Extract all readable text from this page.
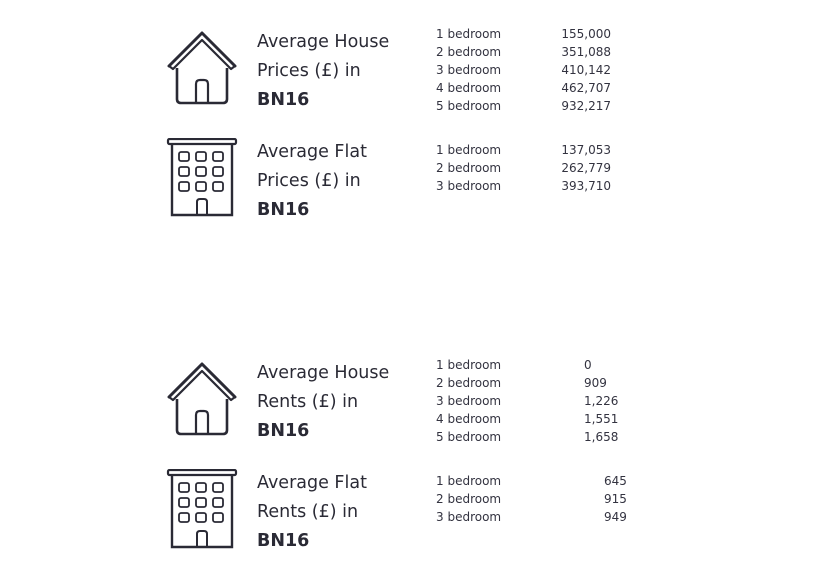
Average House
Prices (£) in
BN16
1 bedroom	155,000
2 bedroom	351,088
3 bedroom	410,142
4 bedroom	462,707
5 bedroom	932,217
Average Flat
Prices (£) in
BN16
1 bedroom	137,053
2 bedroom	262,779
3 bedroom	393,710
Average House
Rents (£) in
BN16
1 bedroom	0
2 bedroom	909
3 bedroom	1,226
4 bedroom	1,551
5 bedroom	1,658
Average Flat
Rents (£) in
BN16
1 bedroom	645
2 bedroom	915
3 bedroom	949
